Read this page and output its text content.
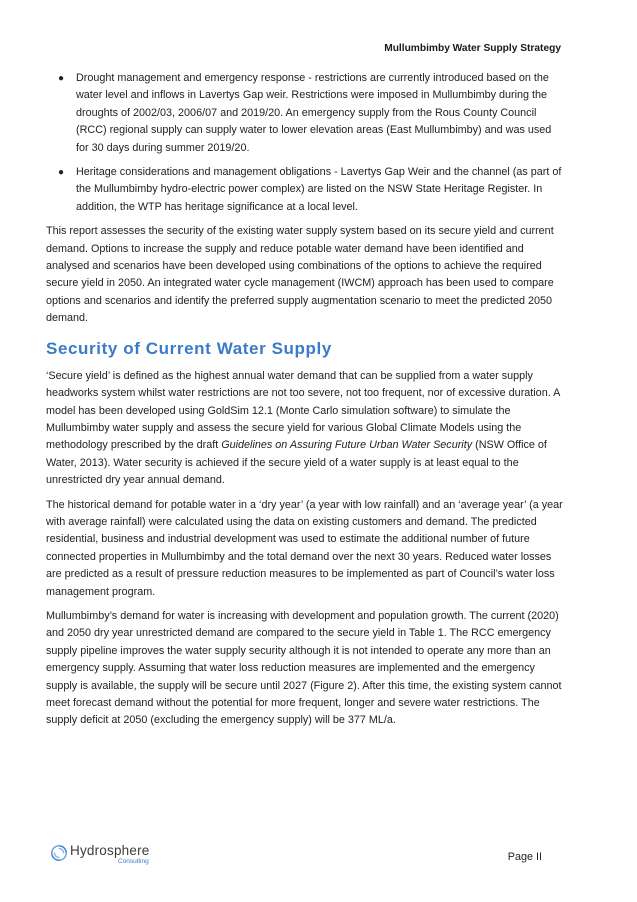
Mullumbimby Water Supply Strategy
● Drought management and emergency response - restrictions are currently introduced based on the water level and inflows in Lavertys Gap weir. Restrictions were imposed in Mullumbimby during the droughts of 2002/03, 2006/07 and 2019/20. An emergency supply from the Rous County Council (RCC) regional supply can supply water to lower elevation areas (East Mullumbimby) and was used for 30 days during summer 2019/20.
● Heritage considerations and management obligations - Lavertys Gap Weir and the channel (as part of the Mullumbimby hydro-electric power complex) are listed on the NSW State Heritage Register. In addition, the WTP has heritage significance at a local level.

This report assesses the security of the existing water supply system based on its secure yield and current demand. Options to increase the supply and reduce potable water demand have been identified and analysed and scenarios have been developed using combinations of the options to achieve the required secure yield in 2050. An integrated water cycle management (IWCM) approach has been used to compare options and scenarios and identify the preferred supply augmentation scenario to meet the predicted 2050 demand.

Security of Current Water Supply

‘Secure yield’ is defined as the highest annual water demand that can be supplied from a water supply headworks system whilst water restrictions are not too severe, not too frequent, nor of excessive duration. A model has been developed using GoldSim 12.1 (Monte Carlo simulation software) to simulate the Mullumbimby water supply and assess the secure yield for various Global Climate Models using the methodology prescribed by the draft Guidelines on Assuring Future Urban Water Security (NSW Office of Water, 2013). Water security is achieved if the secure yield of a water supply is at least equal to the unrestricted dry year annual demand.

The historical demand for potable water in a ‘dry year’ (a year with low rainfall) and an ‘average year’ (a year with average rainfall) were calculated using the data on existing customers and demand. The predicted residential, business and industrial development was used to estimate the additional number of future connected properties in Mullumbimby and the total demand over the next 30 years. Reduced water losses are predicted as a result of pressure reduction measures to be implemented as part of Council’s water loss management program.

Mullumbimby’s demand for water is increasing with development and population growth. The current (2020) and 2050 dry year unrestricted demand are compared to the secure yield in Table 1. The RCC emergency supply pipeline improves the water supply security although it is not intended to operate any more than an emergency supply. Assuming that water loss reduction measures are implemented and the emergency supply is available, the supply will be secure until 2027 (Figure 2). After this time, the existing system cannot meet forecast demand without the potential for more frequent, longer and severe water restrictions. The supply deficit at 2050 (excluding the emergency supply) will be 377 ML/a.

Hydrosphere
Consulting	Page II
